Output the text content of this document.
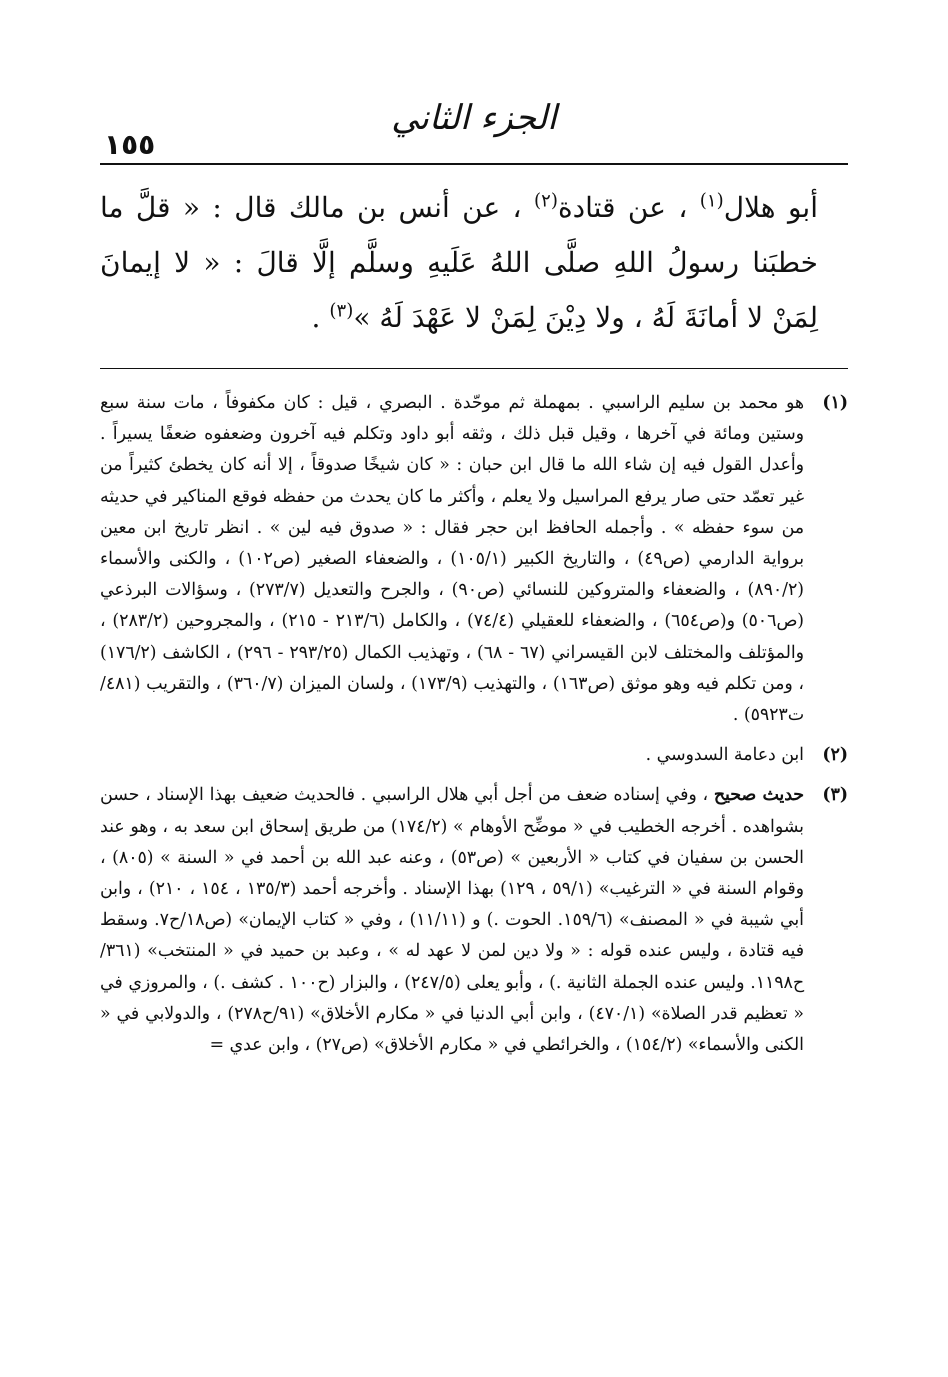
١٥٥
الجزء الثاني

أبو هلال$^{(١)}$ ، عن قتادة$^{(٢)}$ ، عن أنس بن مالك قال : « قلَّ ما خطبَنا رسولُ اللهِ صلَّى اللهُ عَلَيهِ وسلَّم إلَّا قالَ : « لا إيمانَ لِمَنْ لا أمانَةَ لَهُ ، ولا دِيْنَ لِمَنْ لا عَهْدَ لَهُ »$^{(٣)}$ .

(١)
هو محمد بن سليم الراسبي . بمهملة ثم موحّدة . البصري ، قيل : كان مكفوفاً ، مات سنة سبع وستين ومائة في آخرها ، وقيل قبل ذلك ، وثقه أبو داود وتكلم فيه آخرون وضعفوه ضعفًا يسيراً . وأعدل القول فيه إن شاء الله ما قال ابن حبان : « كان شيخًا صدوقاً ، إلا أنه كان يخطئ كثيراً من غير تعمّد حتى صار يرفع المراسيل ولا يعلم ، وأكثر ما كان يحدث من حفظه فوقع المناكير في حديثه من سوء حفظه » . وأجمله الحافظ ابن حجر فقال : « صدوق فيه لين » . انظر تاريخ ابن معين برواية الدارمي (ص٤٩) ، والتاريخ الكبير (١٠٥/١) ، والضعفاء الصغير (ص١٠٢) ، والكنى والأسماء (٨٩٠/٢) ، والضعفاء والمتروكين للنسائي (ص٩٠) ، والجرح والتعديل (٢٧٣/٧) ، وسؤالات البرذعي (ص٥٠٦) و(ص٦٥٤) ، والضعفاء للعقيلي (٧٤/٤) ، والكامل (٢١٣/٦ - ٢١٥) ، والمجروحين (٢٨٣/٢) ، والمؤتلف والمختلف لابن القيسراني (٦٧ - ٦٨) ، وتهذيب الكمال (٢٩٣/٢٥ - ٢٩٦) ، الكاشف (١٧٦/٢) ، ومن تكلم فيه وهو موثق (ص١٦٣) ، والتهذيب (١٧٣/٩) ، ولسان الميزان (٣٦٠/٧) ، والتقريب (٤٨١/ت٥٩٢٣) .
(٢)
ابن دعامة السدوسي .
(٣)
حديث صحيح ، وفي إسناده ضعف من أجل أبي هلال الراسبي . فالحديث ضعيف بهذا الإسناد ، حسن بشواهده . أخرجه الخطيب في « موضِّح الأوهام » (١٧٤/٢) من طريق إسحاق ابن سعد به ، وهو عند الحسن بن سفيان في كتاب « الأربعين » (ص٥٣) ، وعنه عبد الله بن أحمد في « السنة » (٨٠٥) ، وقوام السنة في « الترغيب» (٥٩/١ ، ١٢٩) بهذا الإسناد . وأخرجه أحمد (١٣٥/٣ ، ١٥٤ ، ٢١٠) ، وابن أبي شيبة في « المصنف» (١٥٩/٦. الحوت .) و (١١/١١) ، وفي « كتاب الإيمان» (ص١٨/ح٧. وسقط فيه قتادة ، وليس عنده قوله : « ولا دين لمن لا عهد له » ، وعبد بن حميد في « المنتخب» (٣٦١/ح١١٩٨. وليس عنده الجملة الثانية .) ، وأبو يعلى (٢٤٧/٥) ، والبزار (ح١٠٠ . كشف .) ، والمروزي في « تعظيم قدر الصلاة» (٤٧٠/١) ، وابن أبي الدنيا في « مكارم الأخلاق» (٩١/ح٢٧٨) ، والدولابي في « الكنى والأسماء» (١٥٤/٢) ، والخرائطي في « مكارم الأخلاق» (ص٢٧) ، وابن عدي =
